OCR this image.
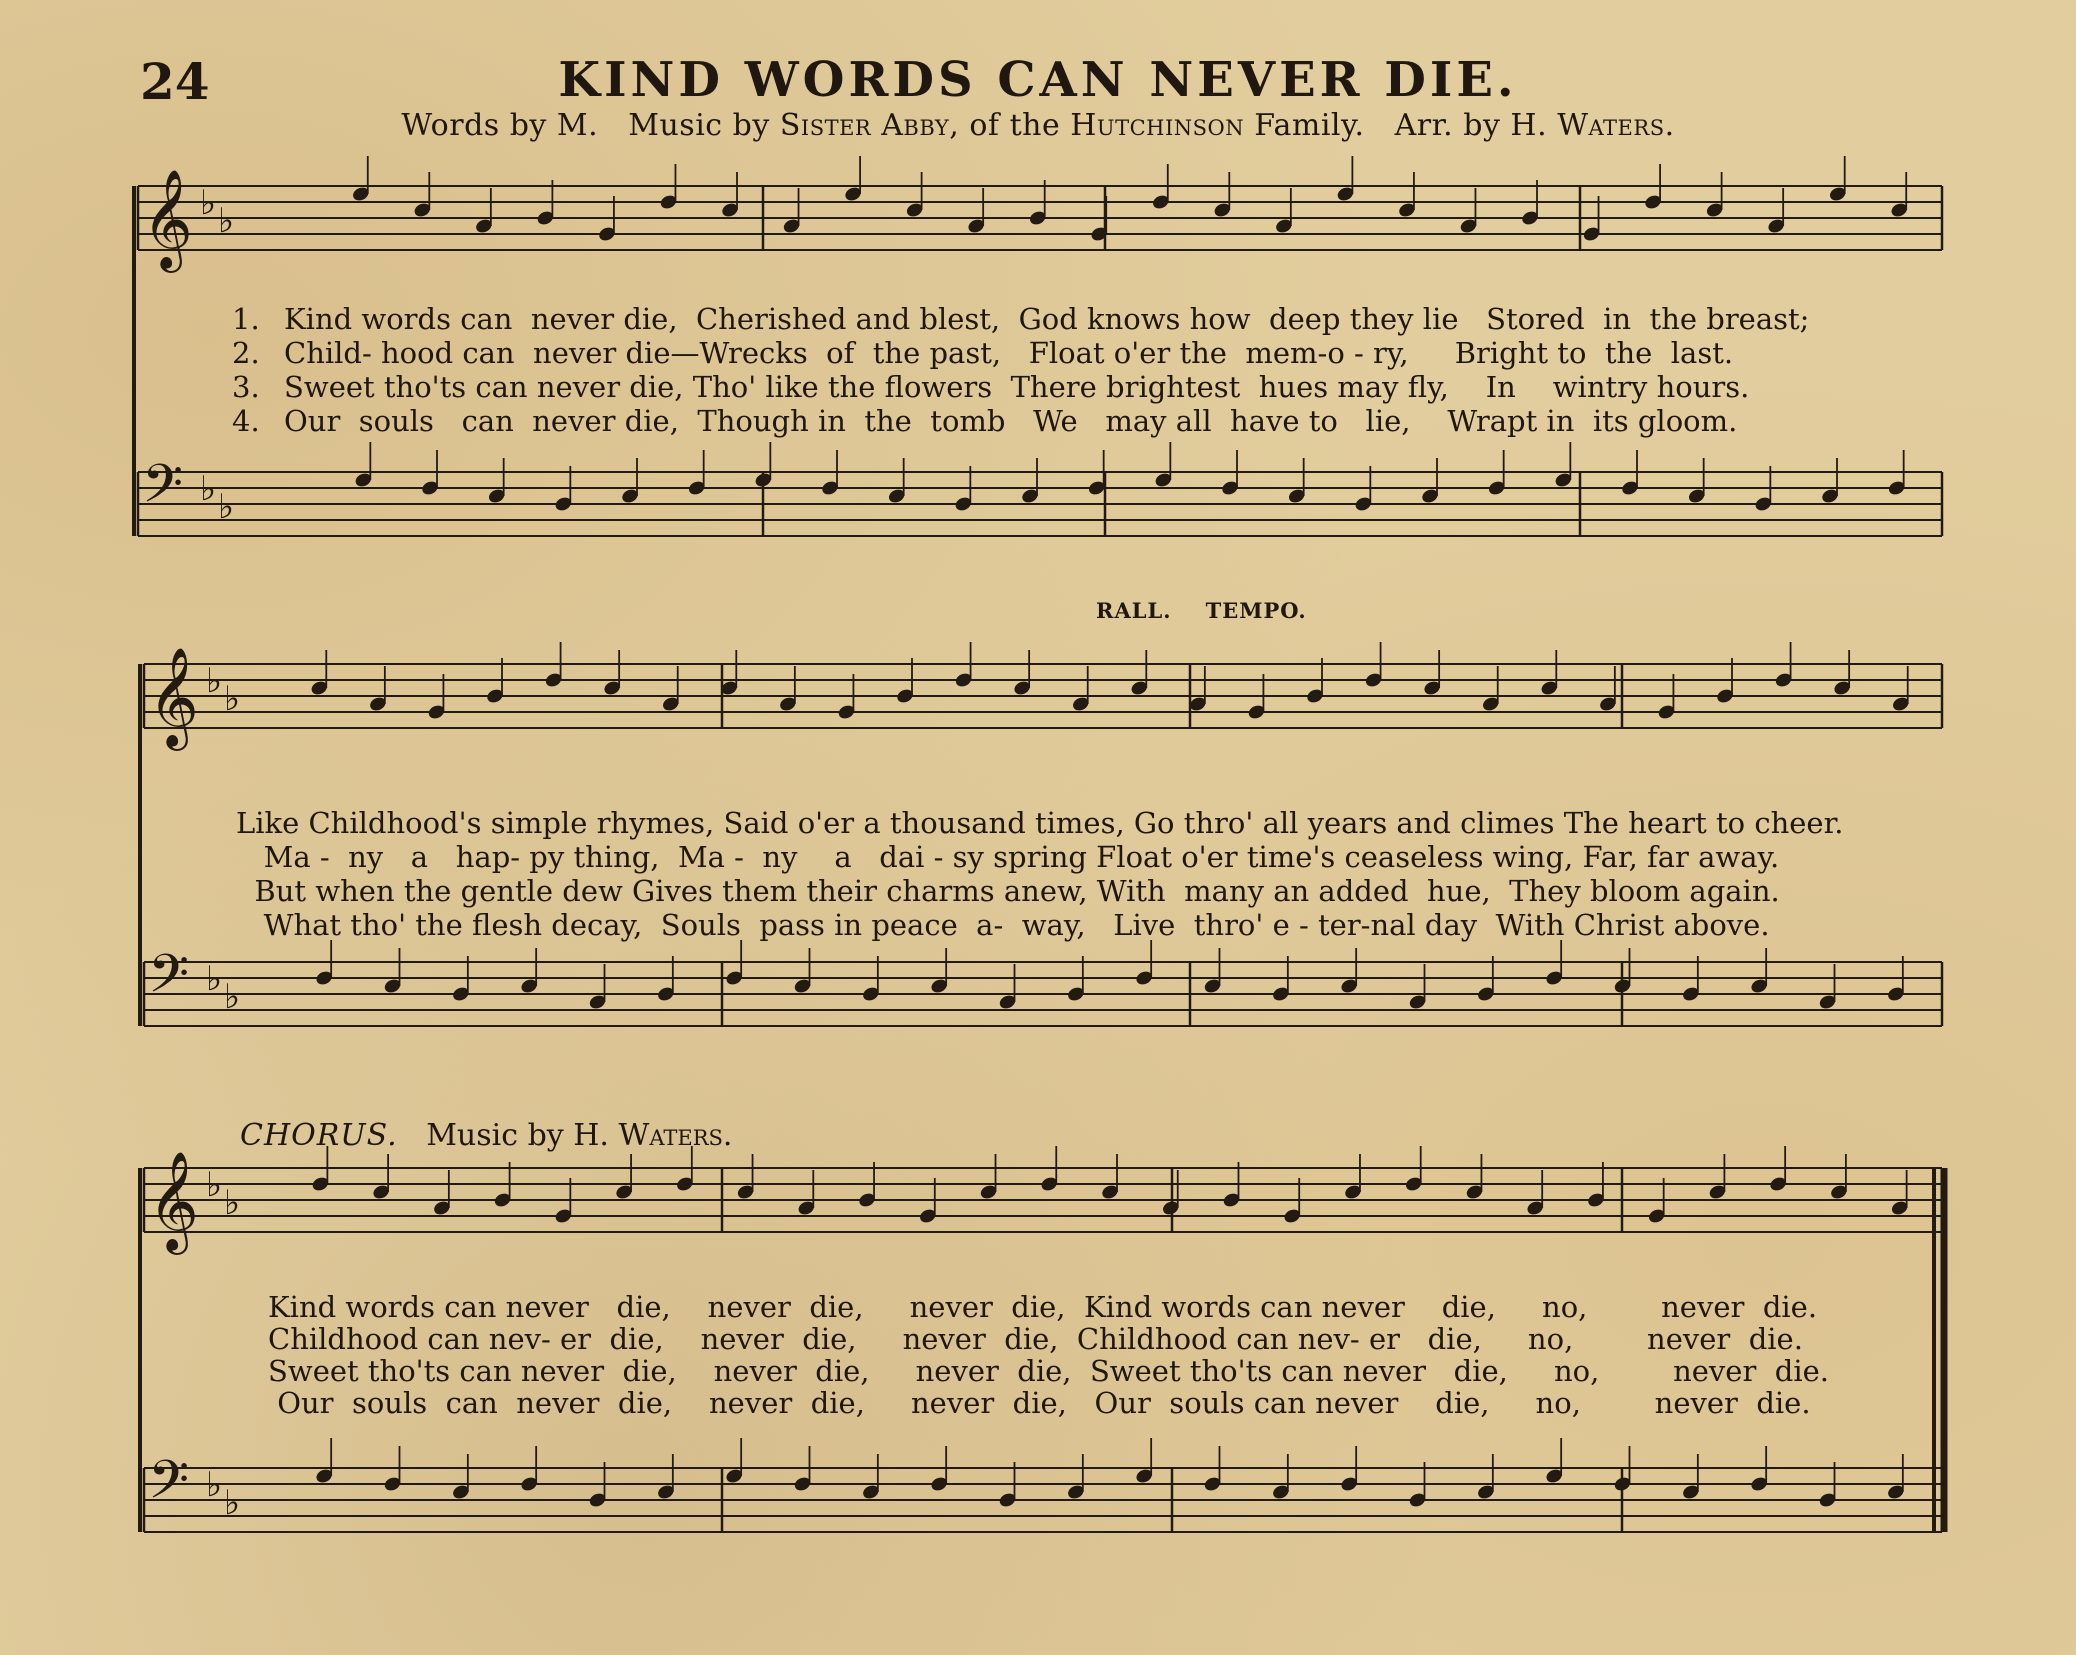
24	KIND WORDS CAN NEVER DIE.
Words by M. Music by Sister Abby, of the Hutchinson Family. Arr. by H. Waters.
𝄞 ♭ ♭
𝄢 ♭ ♭
𝄞 ♭ ♭
𝄢 ♭ ♭
𝄞 ♭ ♭
𝄢 ♭ ♭
1. Kind words can  never die,  Cherished and blest,  God knows how  deep they lie   Stored  in  the breast;
2. Child- hood can  never die—Wrecks  of  the past,   Float o'er the  mem-o - ry,     Bright to  the  last.
3. Sweet tho'ts can never die, Tho' like the flowers  There brightest  hues may fly,    In    wintry hours.
4. Our  souls   can  never die,  Though in  the  tomb   We   may all  have to   lie,    Wrapt in  its gloom.
RALL. TEMPO.
Like Childhood's simple rhymes, Said o'er a thousand times, Go thro' all years and climes The heart to cheer.
Ma -  ny   a   hap- py thing,  Ma -  ny    a   dai - sy spring Float o'er time's ceaseless wing, Far, far away.
But when the gentle dew Gives them their charms anew, With  many an added  hue,  They bloom again.
What tho' the flesh decay,  Souls  pass in peace  a-  way,   Live  thro' e - ter-nal day  With Christ above.
CHORUS. Music by H. Waters.
Kind words can never   die,    never  die,     never  die,  Kind words can never    die,     no,        never  die.
Childhood can nev- er  die,    never  die,     never  die,  Childhood can nev- er   die,     no,        never  die.
Sweet tho'ts can never  die,    never  die,     never  die,  Sweet tho'ts can never   die,     no,        never  die.
Our  souls  can  never  die,    never  die,     never  die,   Our  souls can never    die,     no,        never  die.
